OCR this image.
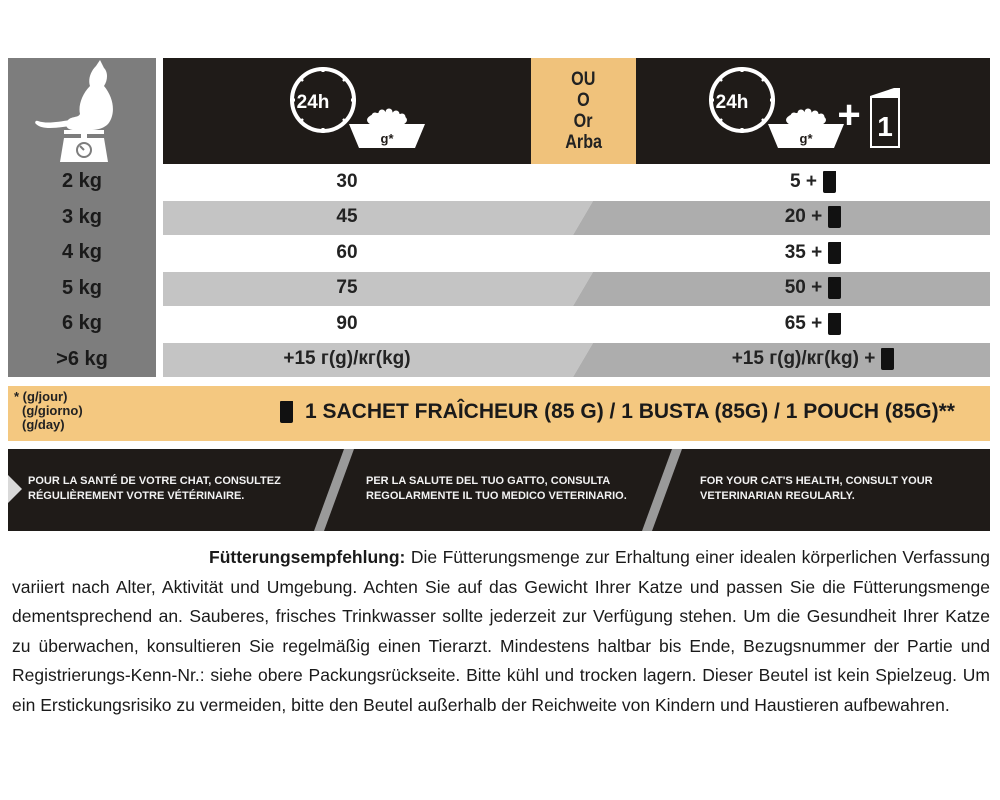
24h
g*
OU
O
Or
Arba
24h
g*
+ 1
2 kg	30	5 +
3 kg	45	20 +
4 kg	60	35 +
5 kg	75	50 +
6 kg	90	65 +
>6 kg	+15 г(g)/кг(kg)	+15 г(g)/кг(kg) +
* (g/jour)
(g/giorno)
(g/day)
1 SACHET FRAÎCHEUR (85 G) / 1 BUSTA (85G) / 1 POUCH (85G)**
POUR LA SANTÉ DE VOTRE CHAT, CONSULTEZ RÉGULIÈREMENT VOTRE VÉTÉRINAIRE.
PER LA SALUTE DEL TUO GATTO, CONSULTA REGOLARMENTE IL TUO MEDICO VETERINARIO.
FOR YOUR CAT'S HEALTH, CONSULT YOUR VETERINARIAN REGULARLY.
Fütterungsempfehlung: Die Fütterungsmenge zur Erhaltung einer idealen körperlichen Verfassung variiert nach Alter, Aktivität und Umgebung. Achten Sie auf das Gewicht Ihrer Katze und passen Sie die Fütterungsmenge dementsprechend an. Sauberes, frisches Trinkwasser sollte jederzeit zur Verfügung stehen. Um die Gesundheit Ihrer Katze zu überwachen, konsultieren Sie regelmäßig einen Tierarzt. Mindestens haltbar bis Ende, Bezugsnummer der Partie und Registrierungs-Kenn-Nr.: siehe obere Packungsrückseite. Bitte kühl und trocken lagern. Dieser Beutel ist kein Spielzeug. Um ein Erstickungsrisiko zu vermeiden, bitte den Beutel außerhalb der Reichweite von Kindern und Haustieren aufbewahren.
